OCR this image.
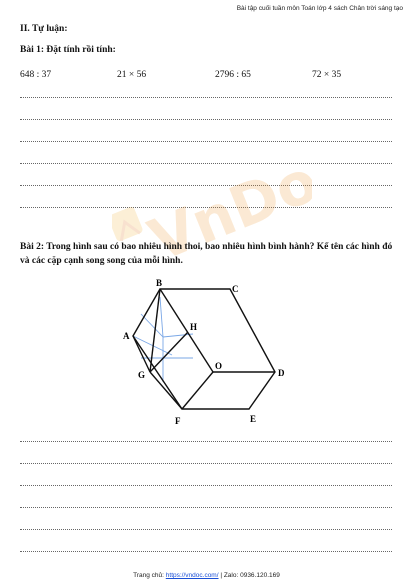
Bài tập cuối tuần môn Toán lớp 4 sách Chân trời sáng tạo
II. Tự luận:
Bài 1: Đặt tính rồi tính:
648 : 37	21 × 56	2796 : 65	72 × 35
VnDoc
Bài 2: Trong hình sau có bao nhiêu hình thoi, bao nhiêu hình bình hành? Kể tên các hình đó và các cặp cạnh song song của mỗi hình.
B
C
A
H
O
D
G
E
F
Trang chủ: https://vndoc.com/ | Zalo: 0936.120.169
